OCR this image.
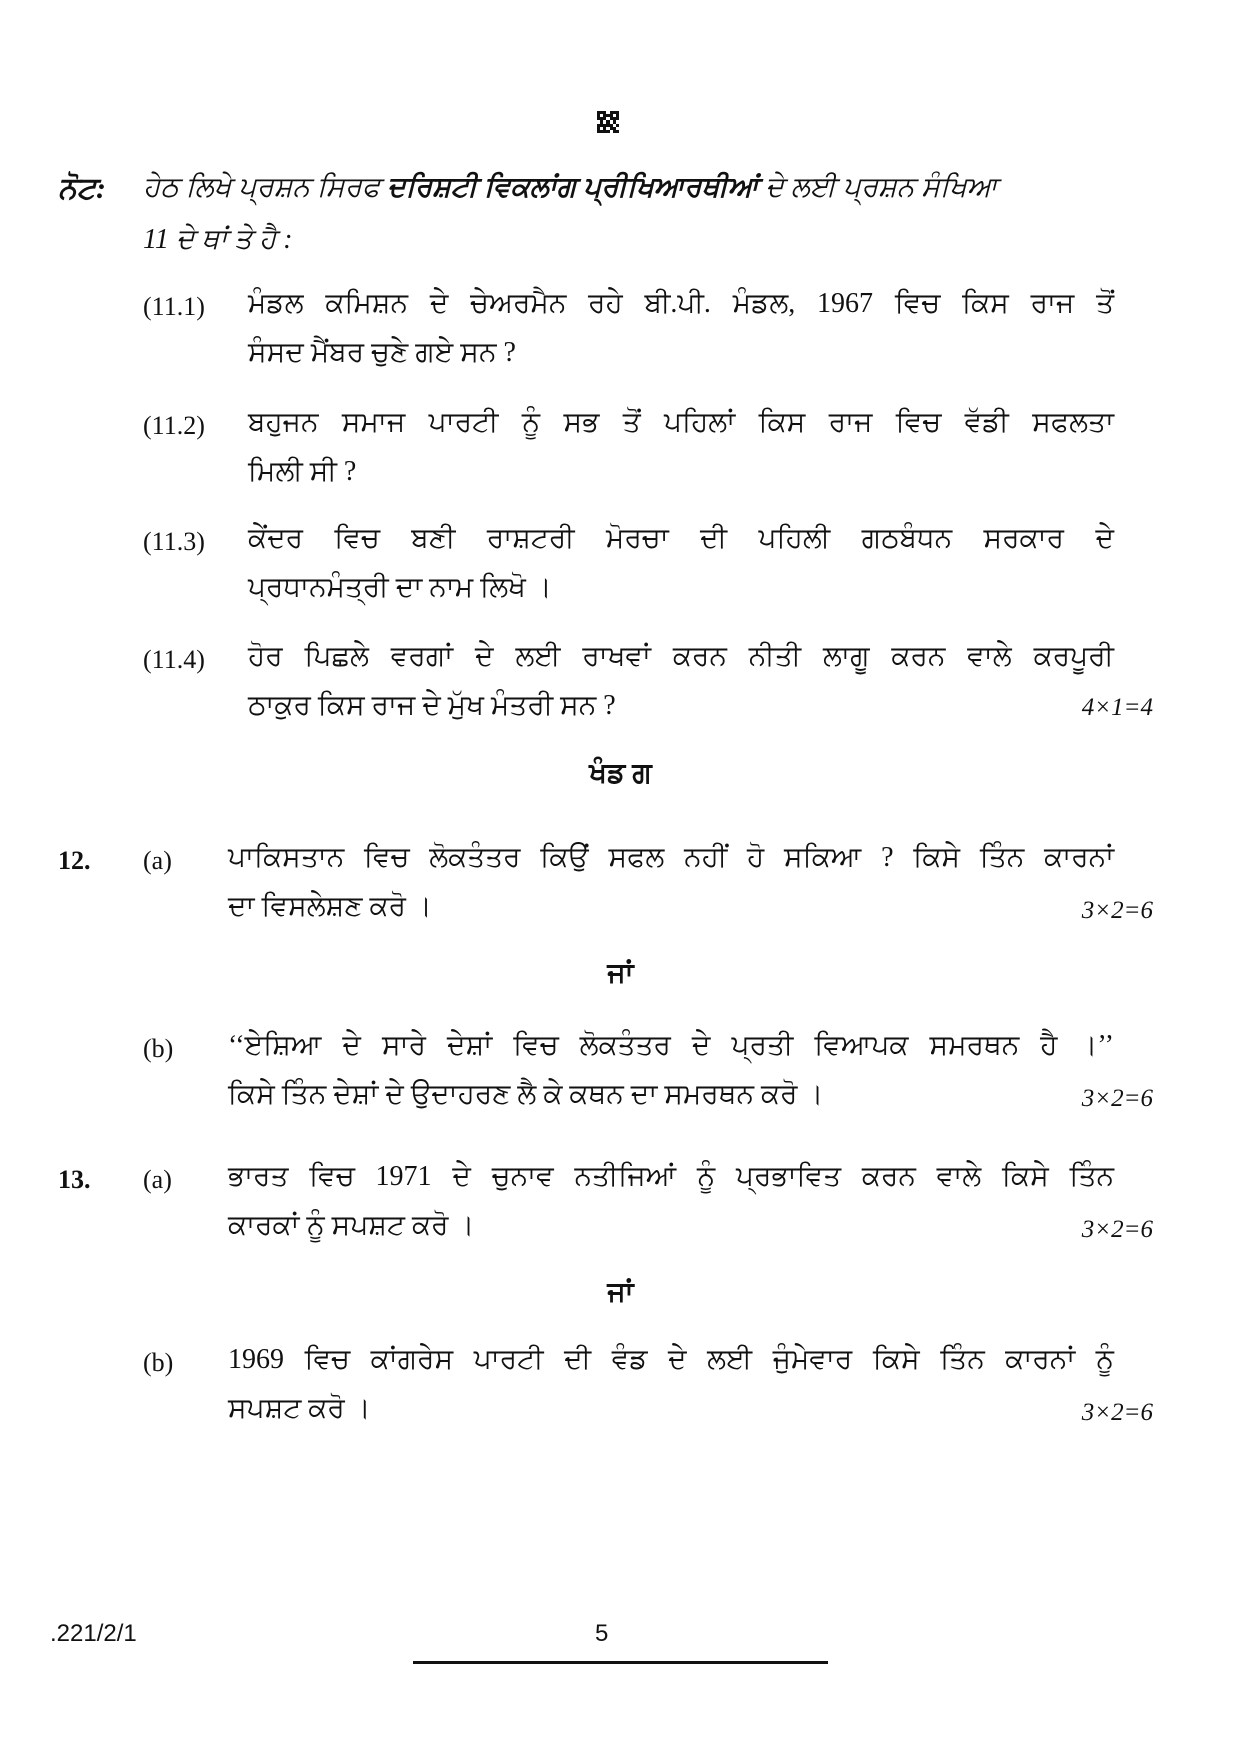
ਨੋਟ: ਹੇਠ ਲਿਖੇ ਪ੍ਰਸ਼ਨ ਸਿਰਫ ਦਰਿਸ਼ਟੀ ਵਿਕਲਾਂਗ ਪ੍ਰੀਖਿਆਰਥੀਆਂ ਦੇ ਲਈ ਪ੍ਰਸ਼ਨ ਸੰਖਿਆ
11 ਦੇ ਥਾਂ ਤੇ ਹੈ :
(11.1) ਮੰਡਲ ਕਮਿਸ਼ਨ ਦੇ ਚੇਅਰਮੈਨ ਰਹੇ ਬੀ.ਪੀ. ਮੰਡਲ, 1967 ਵਿਚ ਕਿਸ ਰਾਜ ਤੋਂ
ਸੰਸਦ ਮੈਂਬਰ ਚੁਣੇ ਗਏ ਸਨ ?
(11.2) ਬਹੁਜਨ ਸਮਾਜ ਪਾਰਟੀ ਨੂੰ ਸਭ ਤੋਂ ਪਹਿਲਾਂ ਕਿਸ ਰਾਜ ਵਿਚ ਵੱਡੀ ਸਫਲਤਾ
ਮਿਲੀ ਸੀ ?
(11.3) ਕੇਂਦਰ ਵਿਚ ਬਣੀ ਰਾਸ਼ਟਰੀ ਮੋਰਚਾ ਦੀ ਪਹਿਲੀ ਗਠਬੰਧਨ ਸਰਕਾਰ ਦੇ
ਪ੍ਰਧਾਨਮੰਤ੍ਰੀ ਦਾ ਨਾਮ ਲਿਖੋ ।
(11.4) ਹੋਰ ਪਿਛਲੇ ਵਰਗਾਂ ਦੇ ਲਈ ਰਾਖਵਾਂ ਕਰਨ ਨੀਤੀ ਲਾਗੂ ਕਰਨ ਵਾਲੇ ਕਰਪੂਰੀ
ਠਾਕੁਰ ਕਿਸ ਰਾਜ ਦੇ ਮੁੱਖ ਮੰਤਰੀ ਸਨ ?	4×1=4
ਖੰਡ ਗ
12. (a) ਪਾਕਿਸਤਾਨ ਵਿਚ ਲੋਕਤੰਤਰ ਕਿਉਂ ਸਫਲ ਨਹੀਂ ਹੋ ਸਕਿਆ ? ਕਿਸੇ ਤਿੰਨ ਕਾਰਨਾਂ
ਦਾ ਵਿਸਲੇਸ਼ਣ ਕਰੋ ।	3×2=6
ਜਾਂ
(b) ‘‘ਏਸ਼ਿਆ ਦੇ ਸਾਰੇ ਦੇਸ਼ਾਂ ਵਿਚ ਲੋਕਤੰਤਰ ਦੇ ਪ੍ਰਤੀ ਵਿਆਪਕ ਸਮਰਥਨ ਹੈ ।’’
ਕਿਸੇ ਤਿੰਨ ਦੇਸ਼ਾਂ ਦੇ ਉਦਾਹਰਣ ਲੈ ਕੇ ਕਥਨ ਦਾ ਸਮਰਥਨ ਕਰੋ ।	3×2=6
13. (a) ਭਾਰਤ ਵਿਚ 1971 ਦੇ ਚੁਨਾਵ ਨਤੀਜਿਆਂ ਨੂੰ ਪ੍ਰਭਾਵਿਤ ਕਰਨ ਵਾਲੇ ਕਿਸੇ ਤਿੰਨ
ਕਾਰਕਾਂ ਨੂੰ ਸਪਸ਼ਟ ਕਰੋ ।	3×2=6
ਜਾਂ
(b) 1969 ਵਿਚ ਕਾਂਗਰੇਸ ਪਾਰਟੀ ਦੀ ਵੰਡ ਦੇ ਲਈ ਜੁੰਮੇਵਾਰ ਕਿਸੇ ਤਿੰਨ ਕਾਰਨਾਂ ਨੂੰ
ਸਪਸ਼ਟ ਕਰੋ ।	3×2=6
.221/2/1	5
